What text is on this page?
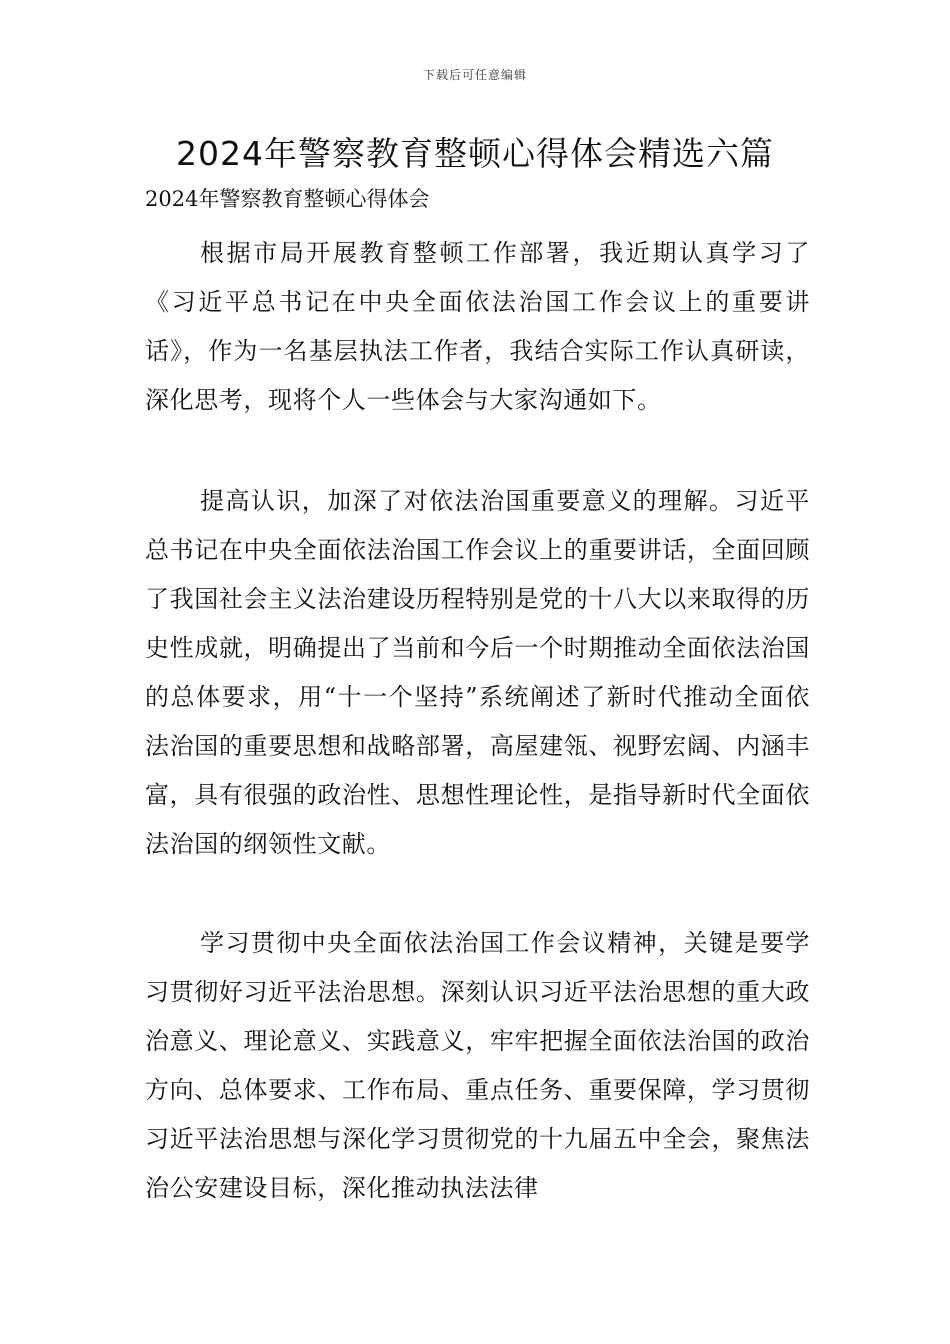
下载后可任意编辑
2024年警察教育整顿心得体会精选六篇
2024年警察教育整顿心得体会

根据市局开展教育整顿工作部署，我近期认真学习了《习近平总书记在中央全面依法治国工作会议上的重要讲话》，作为一名基层执法工作者，我结合实际工作认真研读，深化思考，现将个人一些体会与大家沟通如下。

提高认识，加深了对依法治国重要意义的理解。习近平总书记在中央全面依法治国工作会议上的重要讲话，全面回顾了我国社会主义法治建设历程特别是党的十八大以来取得的历史性成就，明确提出了当前和今后一个时期推动全面依法治国的总体要求，用“十一个坚持”系统阐述了新时代推动全面依法治国的重要思想和战略部署，高屋建瓴、视野宏阔、内涵丰富，具有很强的政治性、思想性理论性，是指导新时代全面依法治国的纲领性文献。

学习贯彻中央全面依法治国工作会议精神，关键是要学习贯彻好习近平法治思想。深刻认识习近平法治思想的重大政治意义、理论意义、实践意义，牢牢把握全面依法治国的政治方向、总体要求、工作布局、重点任务、重要保障，学习贯彻习近平法治思想与深化学习贯彻党的十九届五中全会，聚焦法治公安建设目标，深化推动执法法律
